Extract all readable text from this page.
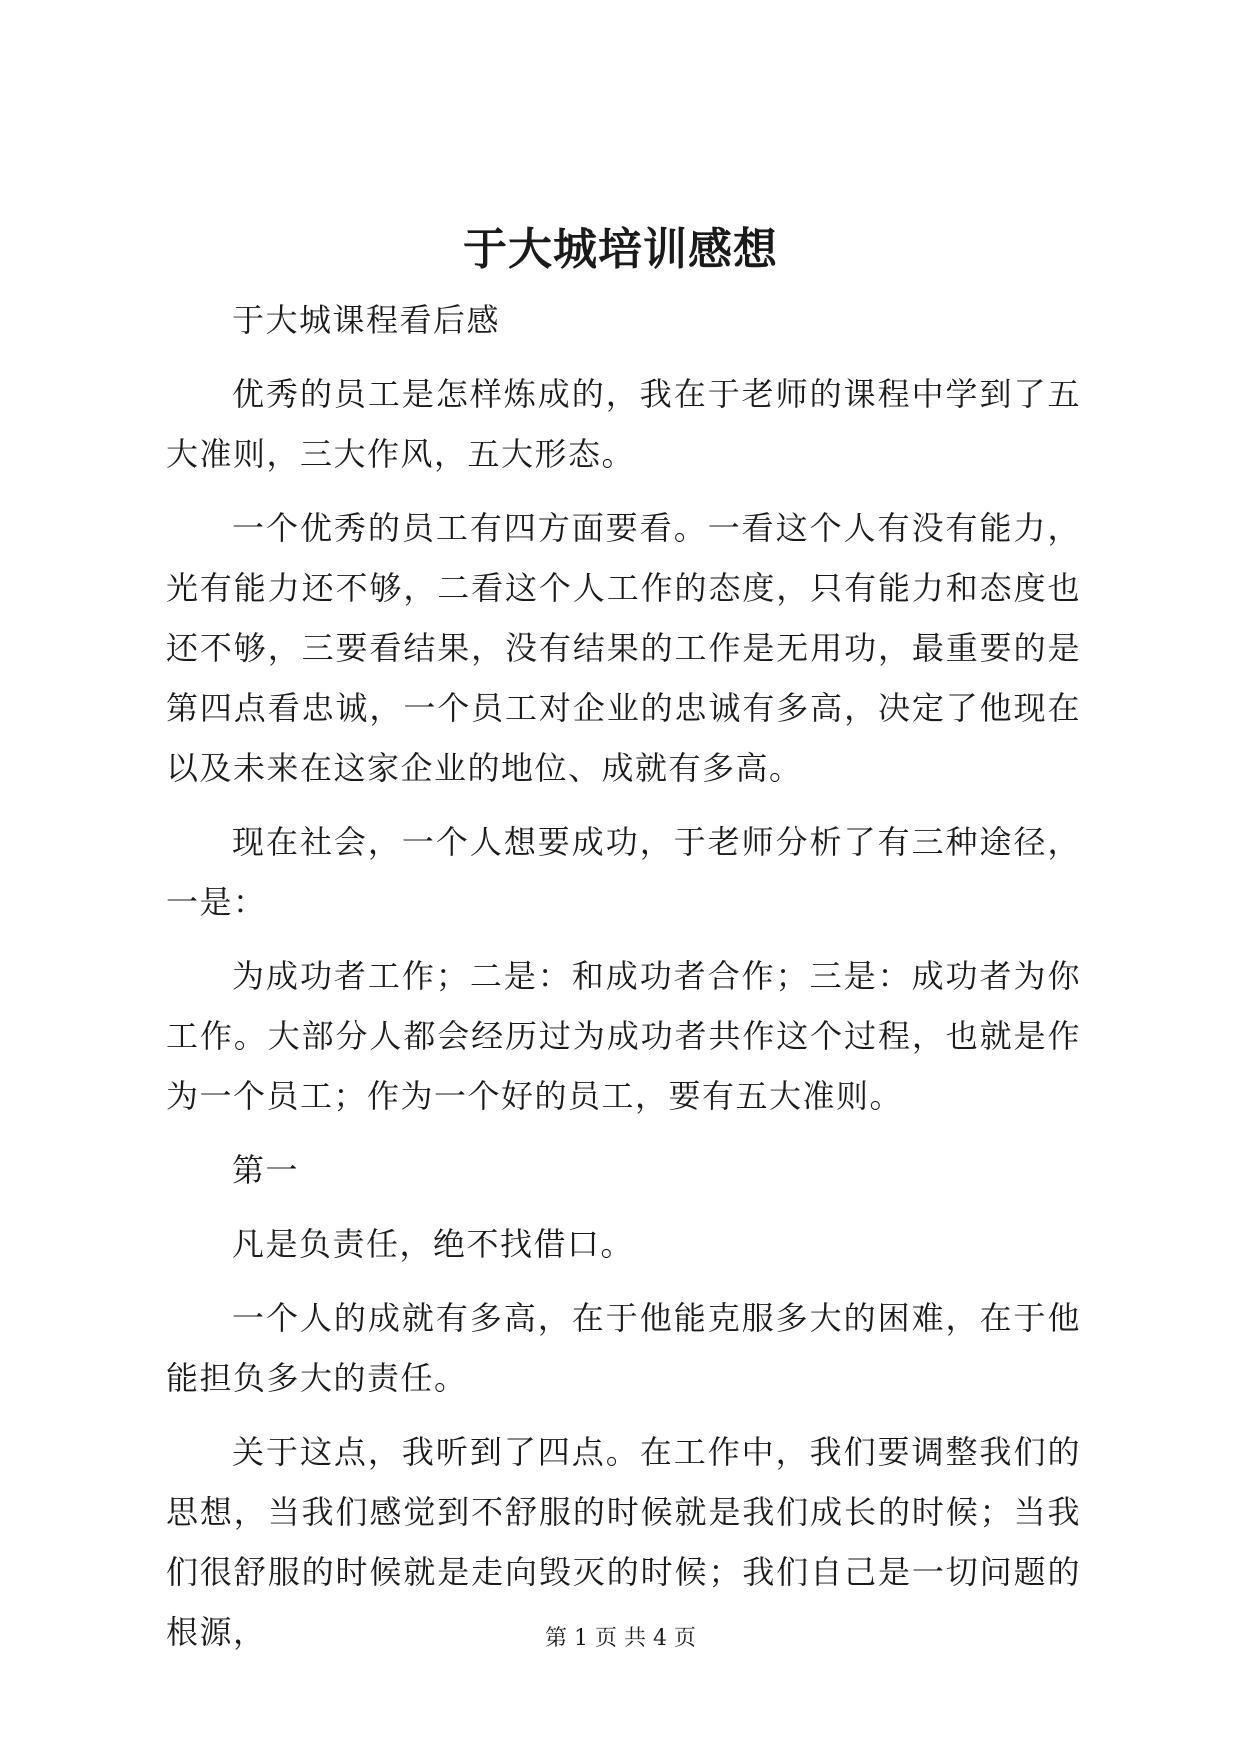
于大城培训感想

于大城课程看后感

优秀的员工是怎样炼成的，我在于老师的课程中学到了五大准则，三大作风，五大形态。

一个优秀的员工有四方面要看。一看这个人有没有能力，光有能力还不够，二看这个人工作的态度，只有能力和态度也还不够，三要看结果，没有结果的工作是无用功，最重要的是第四点看忠诚，一个员工对企业的忠诚有多高，决定了他现在以及未来在这家企业的地位、成就有多高。

现在社会，一个人想要成功，于老师分析了有三种途径，一是：

为成功者工作；二是：和成功者合作；三是：成功者为你工作。大部分人都会经历过为成功者共作这个过程，也就是作为一个员工；作为一个好的员工，要有五大准则。

第一

凡是负责任，绝不找借口。

一个人的成就有多高，在于他能克服多大的困难，在于他能担负多大的责任。

关于这点，我听到了四点。在工作中，我们要调整我们的思想，当我们感觉到不舒服的时候就是我们成长的时候；当我们很舒服的时候就是走向毁灭的时候；我们自己是一切问题的根源，	第 1 页 共 4 页
